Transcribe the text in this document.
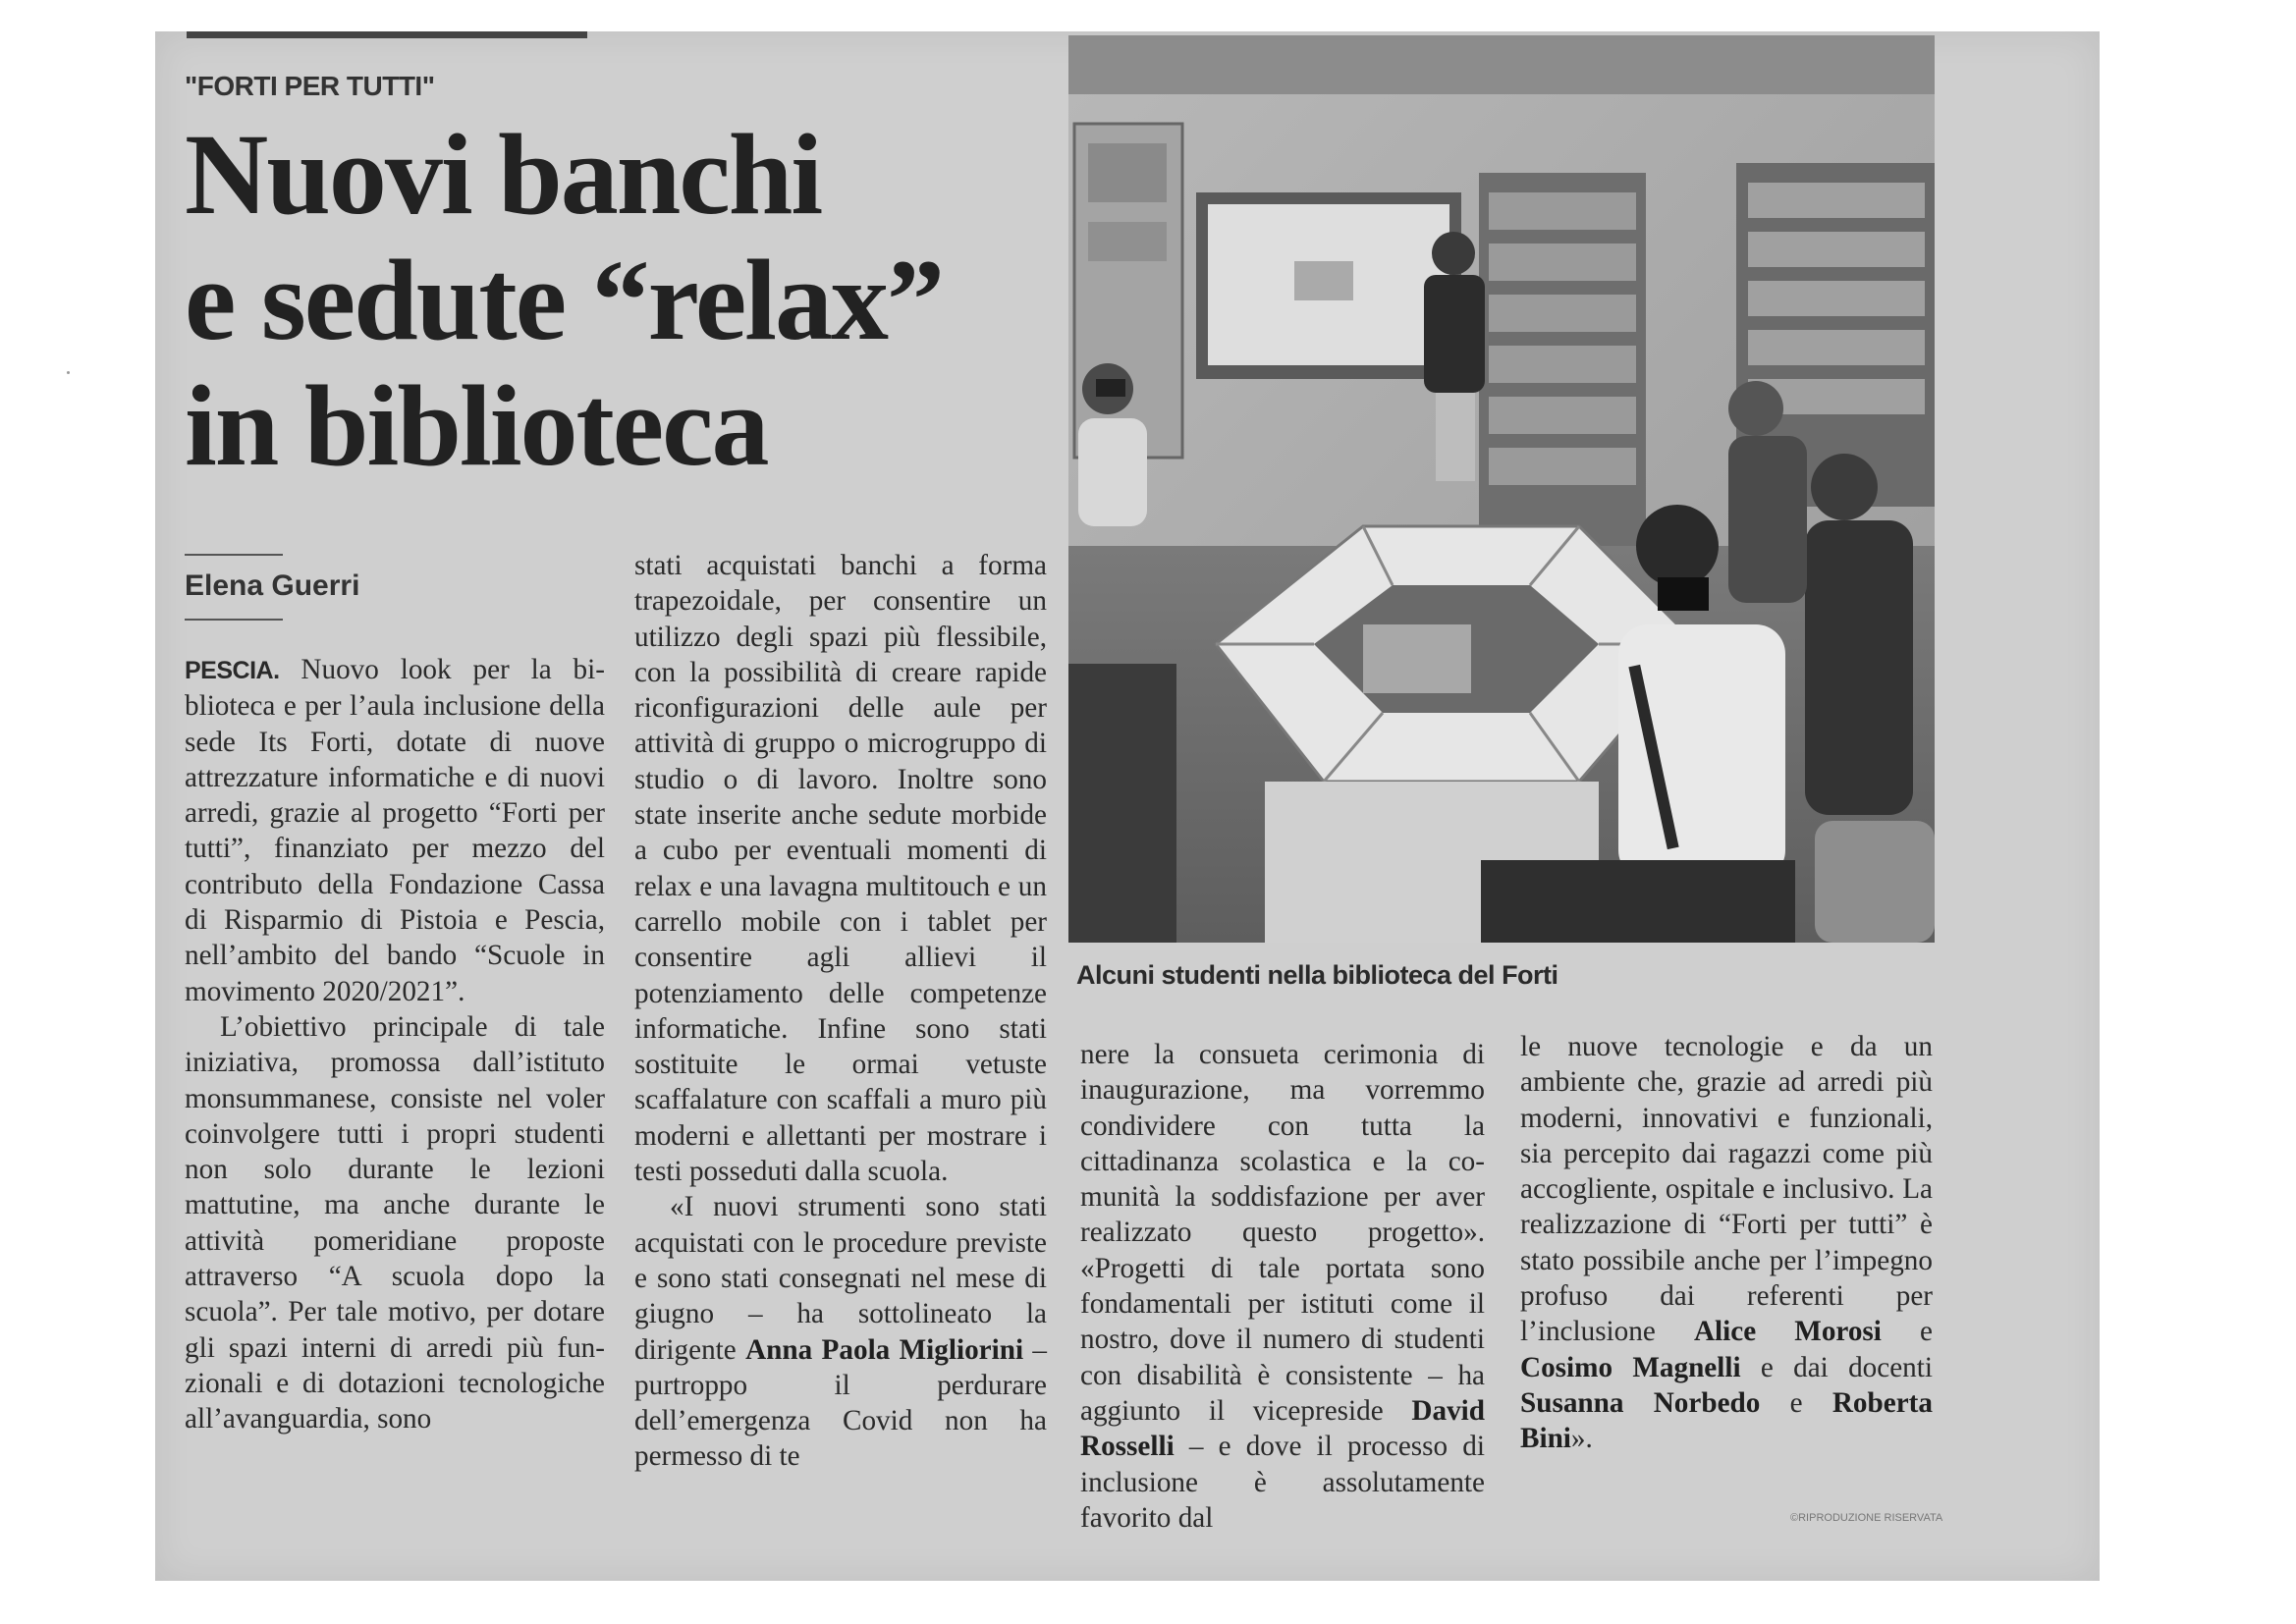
"FORTI PER TUTTI"
Nuovi banchi
e sedute “relax”
in biblioteca
Elena Guerri

PESCIA. Nuovo look per la biblioteca e per l’aula inclusione della sede Its Forti, dotate di nuove attrezzature informatiche e di nuovi arredi, grazie al progetto “Forti per tutti”, finanziato per mezzo del contributo della Fondazione Cassa di Risparmio di Pistoia e Pescia, nell’ambito del bando “Scuole in movimento 2020/2021”.

L’obiettivo principale di tale iniziativa, promossa dall’istituto monsummanese, consiste nel voler coinvolgere tutti i propri studenti non solo durante le lezioni mattutine, ma anche durante le attività pomeridiane proposte attraverso “A scuola dopo la scuola”. Per tale motivo, per dotare gli spazi interni di arredi più funzionali e di dotazioni tecnologiche all’avanguardia, sono

stati acquistati banchi a forma trapezoidale, per consentire un utilizzo degli spazi più flessibile, con la possibilità di creare rapide riconfigurazioni delle aule per attività di gruppo o microgruppo di studio o di lavoro. Inoltre sono state inserite anche sedute morbide a cubo per eventuali momenti di relax e una lavagna multitouch e un carrello mobile con i tablet per consentire agli allievi il potenziamento delle competenze informatiche. Infine sono stati sostituite le ormai vetuste scaffalature con scaffali a muro più moderni e allettanti per mostrare i testi posseduti dalla scuola.

«I nuovi strumenti sono stati acquistati con le procedure previste e sono stati consegnati nel mese di giugno – ha sottolineato la dirigente Anna Paola Migliorini – purtroppo il perdurare dell’emergenza Covid non ha permesso di te

Alcuni studenti nella biblioteca del Forti

nere la consueta cerimonia di inaugurazione, ma vorremmo condividere con tutta la cittadinanza scolastica e la comunità la soddisfazione per aver realizzato questo progetto». «Progetti di tale portata sono fondamentali per istituti come il nostro, dove il numero di studenti con disabilità è consistente – ha aggiunto il vicepreside David Rosselli – e dove il processo di inclusione è assolutamente favorito dal

le nuove tecnologie e da un ambiente che, grazie ad arredi più moderni, innovativi e funzionali, sia percepito dai ragazzi come più accogliente, ospitale e inclusivo. La realizzazione di “Forti per tutti” è stato possibile anche per l’impegno profuso dai referenti per l’inclusione Alice Morosi e Cosimo Magnelli e dai docenti Susanna Norbedo e Roberta Bini».

©RIPRODUZIONE RISERVATA
